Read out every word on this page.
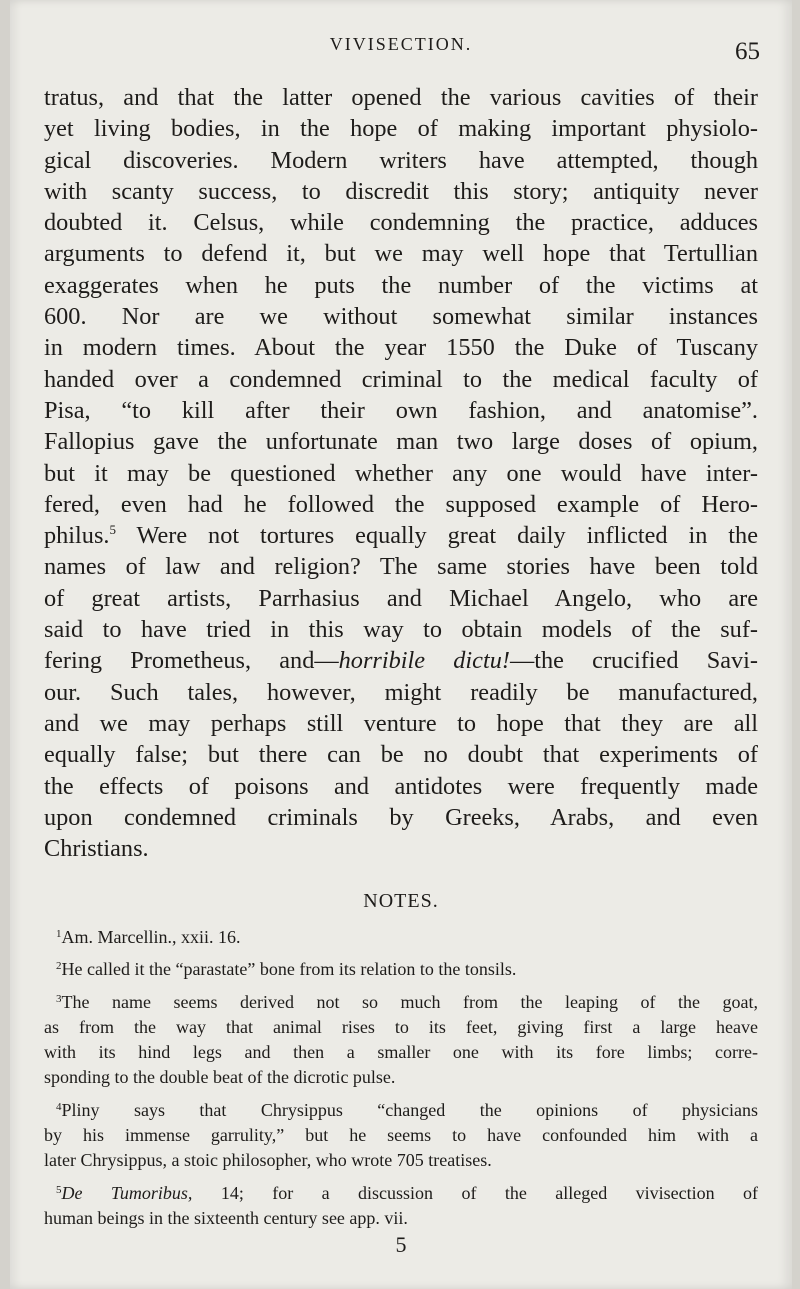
VIVISECTION.	65
tratus, and that the latter opened the various cavities of their
yet living bodies, in the hope of making important physiolo-
gical discoveries. Modern writers have attempted, though
with scanty success, to discredit this story; antiquity never
doubted it. Celsus, while condemning the practice, adduces
arguments to defend it, but we may well hope that Tertullian
exaggerates when he puts the number of the victims at
600. Nor are we without somewhat similar instances
in modern times. About the year 1550 the Duke of Tuscany
handed over a condemned criminal to the medical faculty of
Pisa, “to kill after their own fashion, and anatomise”.
Fallopius gave the unfortunate man two large doses of opium,
but it may be questioned whether any one would have inter-
fered, even had he followed the supposed example of Hero-
philus.$^5$ Were not tortures equally great daily inflicted in the
names of law and religion? The same stories have been told
of great artists, Parrhasius and Michael Angelo, who are
said to have tried in this way to obtain models of the suf-
fering Prometheus, and—horribile dictu!—the crucified Savi-
our. Such tales, however, might readily be manufactured,
and we may perhaps still venture to hope that they are all
equally false; but there can be no doubt that experiments of
the effects of poisons and antidotes were frequently made
upon condemned criminals by Greeks, Arabs, and even
Christians.
NOTES.
$^1$Am. Marcellin., xxii. 16.
$^2$He called it the “parastate” bone from its relation to the tonsils.
$^3$The name seems derived not so much from the leaping of the goat,
as from the way that animal rises to its feet, giving first a large heave
with its hind legs and then a smaller one with its fore limbs; corre-
sponding to the double beat of the dicrotic pulse.
$^4$Pliny says that Chrysippus “changed the opinions of physicians
by his immense garrulity,” but he seems to have confounded him with a
later Chrysippus, a stoic philosopher, who wrote 705 treatises.
$^5$De Tumoribus, 14; for a discussion of the alleged vivisection of
human beings in the sixteenth century see app. vii.
5
